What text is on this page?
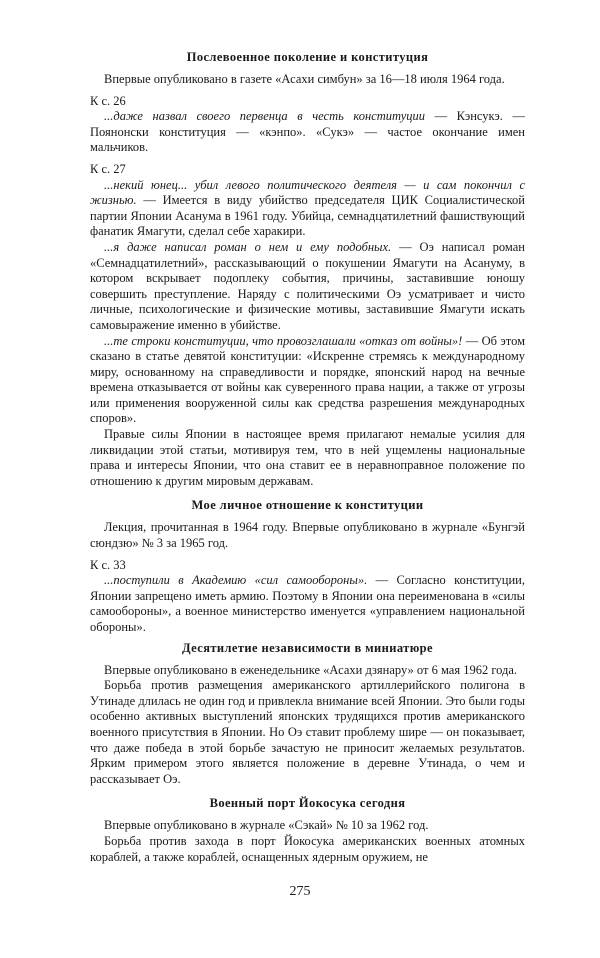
Послевоенное поколение и конституция

Впервые опубликовано в газете «Асахи симбун» за 16—18 июля 1964 года.

К с. 26

...даже назвал своего первенца в честь конституции — Кэнсукэ. — Поянонски конституция — «кэнпо». «Сукэ» — частое окончание имен мальчиков.

К с. 27

...некий юнец... убил левого политического деятеля — и сам покончил с жизнью. — Имеется в виду убийство председателя ЦИК Социалистической партии Японии Асанума в 1961 году. Убийца, семнадцатилетний фашиствующий фанатик Ямагути, сделал себе харакири.

...я даже написал роман о нем и ему подобных. — Оэ написал роман «Семнадцатилетний», рассказывающий о покушении Ямагути на Асануму, в котором вскрывает подоплеку события, причины, заставившие юношу совершить преступление. Наряду с политическими Оэ усматривает и чисто личные, психологические и физические мотивы, заставившие Ямагути искать самовыражение именно в убийстве.

...те строки конституции, что провозглашали «отказ от войны»! — Об этом сказано в статье девятой конституции: «Искренне стремясь к международному миру, основанному на справедливости и порядке, японский народ на вечные времена отказывается от войны как суверенного права нации, а также от угрозы или применения вооруженной силы как средства разрешения международных споров».

Правые силы Японии в настоящее время прилагают немалые усилия для ликвидации этой статьи, мотивируя тем, что в ней ущемлены национальные права и интересы Японии, что она ставит ее в неравноправное положение по отношению к другим мировым державам.

Мое личное отношение к конституции

Лекция, прочитанная в 1964 году. Впервые опубликовано в журнале «Бунгэй сюндзю» № 3 за 1965 год.

К с. 33

...поступили в Академию «сил самообороны». — Согласно конституции, Японии запрещено иметь армию. Поэтому в Японии она переименована в «силы самообороны», а военное министерство именуется «управлением национальной обороны».

Десятилетие независимости в миниатюре

Впервые опубликовано в еженедельнике «Асахи дзянару» от 6 мая 1962 года.

Борьба против размещения американского артиллерийского полигона в Утинаде длилась не один год и привлекла внимание всей Японии. Это были годы особенно активных выступлений японских трудящихся против американского военного присутствия в Японии. Но Оэ ставит проблему шире — он показывает, что даже победа в этой борьбе зачастую не приносит желаемых результатов. Ярким примером этого является положение в деревне Утинада, о чем и рассказывает Оэ.

Военный порт Йокосука сегодня

Впервые опубликовано в журнале «Сэкай» № 10 за 1962 год.

Борьба против захода в порт Йокосука американских военных атомных кораблей, а также кораблей, оснащенных ядерным оружием, не

275
